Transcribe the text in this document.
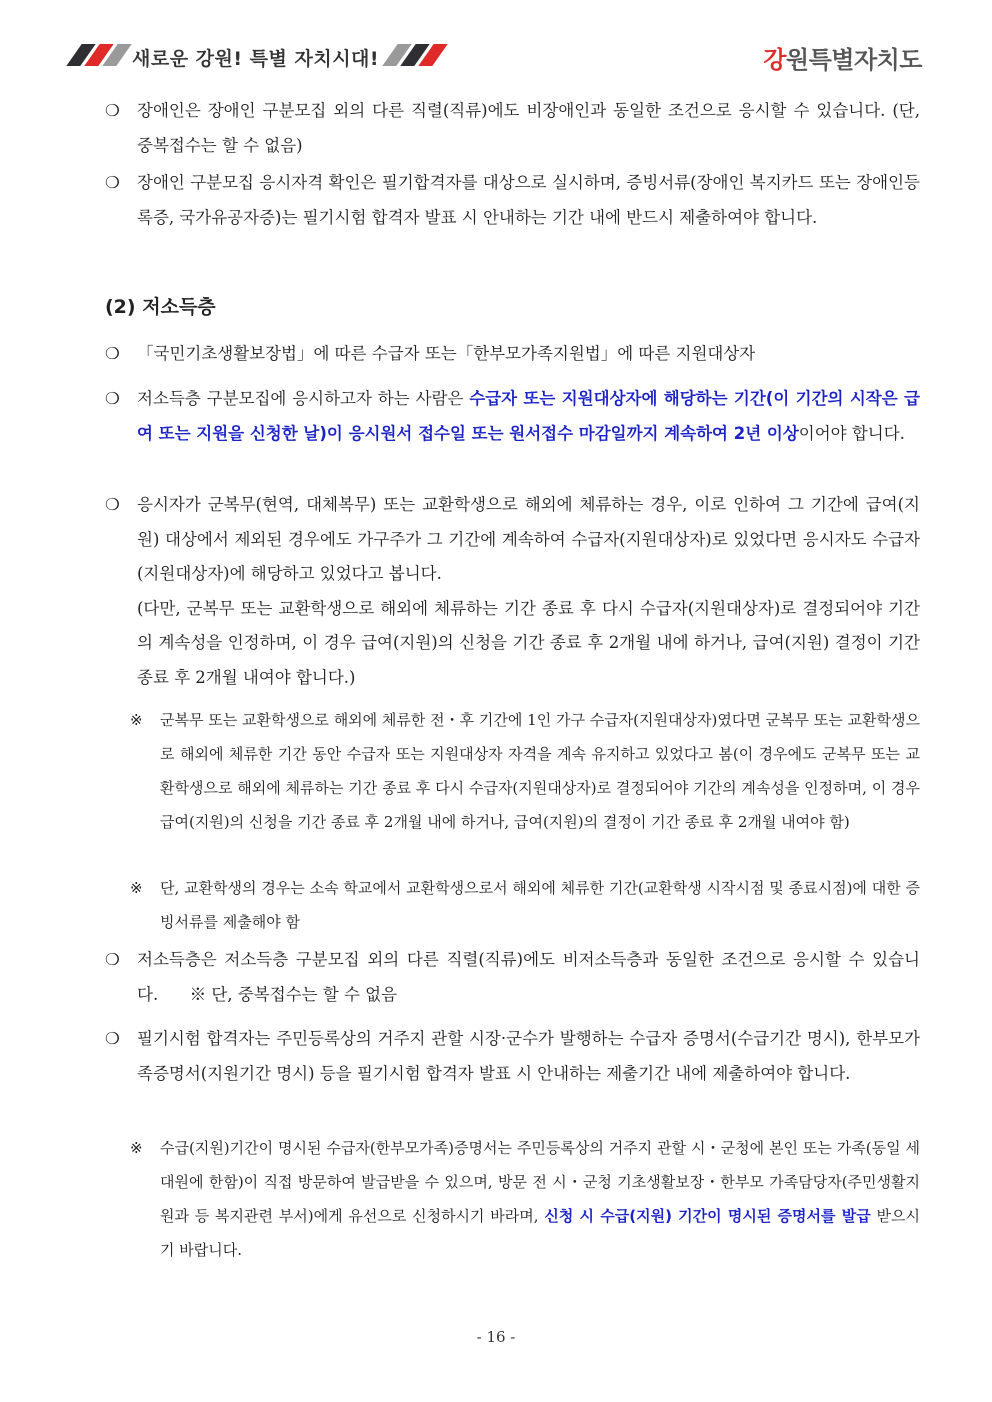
새로운 강원! 특별 자치시대!	강원특별자치도
❍	장애인은 장애인 구분모집 외의 다른 직렬(직류)에도 비장애인과 동일한 조건으로 응시할 수 있습니다. (단, 중복접수는 할 수 없음)
❍	장애인 구분모집 응시자격 확인은 필기합격자를 대상으로 실시하며, 증빙서류(장애인 복지카드 또는 장애인등록증, 국가유공자증)는 필기시험 합격자 발표 시 안내하는 기간 내에 반드시 제출하여야 합니다.
(2) 저소득층
❍	「국민기초생활보장법」에 따른 수급자 또는「한부모가족지원법」에 따른 지원대상자
❍	저소득층 구분모집에 응시하고자 하는 사람은 수급자 또는 지원대상자에 해당하는 기간(이 기간의 시작은 급여 또는 지원을 신청한 날)이 응시원서 접수일 또는 원서접수 마감일까지 계속하여 2년 이상이어야 합니다.
❍	응시자가 군복무(현역, 대체복무) 또는 교환학생으로 해외에 체류하는 경우, 이로 인하여 그 기간에 급여(지원) 대상에서 제외된 경우에도 가구주가 그 기간에 계속하여 수급자(지원대상자)로 있었다면 응시자도 수급자(지원대상자)에 해당하고 있었다고 봅니다.
(다만, 군복무 또는 교환학생으로 해외에 체류하는 기간 종료 후 다시 수급자(지원대상자)로 결정되어야 기간의 계속성을 인정하며, 이 경우 급여(지원)의 신청을 기간 종료 후 2개월 내에 하거나, 급여(지원) 결정이 기간 종료 후 2개월 내여야 합니다.)
※ 군복무 또는 교환학생으로 해외에 체류한 전・후 기간에 1인 가구 수급자(지원대상자)였다면 군복무 또는 교환학생으로 해외에 체류한 기간 동안 수급자 또는 지원대상자 자격을 계속 유지하고 있었다고 봄(이 경우에도 군복무 또는 교환학생으로 해외에 체류하는 기간 종료 후 다시 수급자(지원대상자)로 결정되어야 기간의 계속성을 인정하며, 이 경우 급여(지원)의 신청을 기간 종료 후 2개월 내에 하거나, 급여(지원)의 결정이 기간 종료 후 2개월 내여야 함)
※ 단, 교환학생의 경우는 소속 학교에서 교환학생으로서 해외에 체류한 기간(교환학생 시작시점 및 종료시점)에 대한 증빙서류를 제출해야 함
❍	저소득층은 저소득층 구분모집 외의 다른 직렬(직류)에도 비저소득층과 동일한 조건으로 응시할 수 있습니다. ※ 단, 중복접수는 할 수 없음
❍	필기시험 합격자는 주민등록상의 거주지 관할 시장·군수가 발행하는 수급자 증명서(수급기간 명시), 한부모가족증명서(지원기간 명시) 등을 필기시험 합격자 발표 시 안내하는 제출기간 내에 제출하여야 합니다.
※ 수급(지원)기간이 명시된 수급자(한부모가족)증명서는 주민등록상의 거주지 관할 시・군청에 본인 또는 가족(동일 세대원에 한함)이 직접 방문하여 발급받을 수 있으며, 방문 전 시・군청 기초생활보장・한부모 가족담당자(주민생활지원과 등 복지관련 부서)에게 유선으로 신청하시기 바라며, 신청 시 수급(지원) 기간이 명시된 증명서를 발급 받으시기 바랍니다.
- 16 -
